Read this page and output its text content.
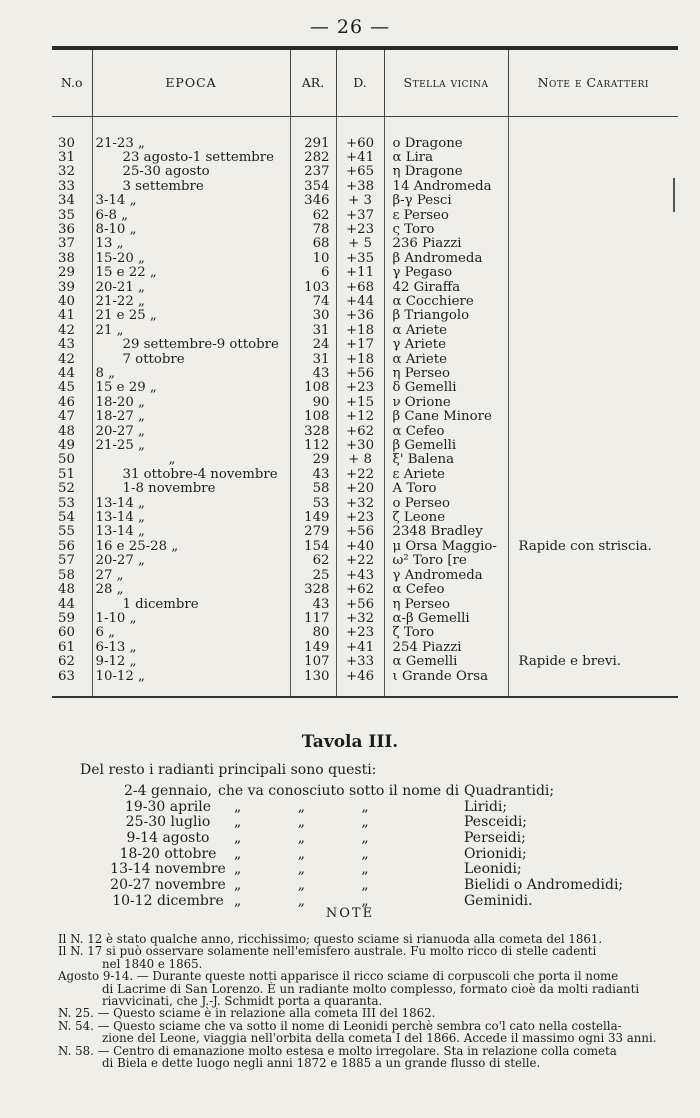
— 26 —
N.o	EPOCA	AR.	D.	Stella vicina	Note e Caratteri

30	21-23 „	291	+60	o Dragone	
31	23 agosto-1 settembre	282	+41	α Lira	
32	25-30 agosto	237	+65	η Dragone	
33	3 settembre	354	+38	14 Andromeda	
34	3-14 „	346	+ 3	β-γ Pesci	
35	6-8 „	62	+37	ε Perseo	
36	8-10 „	78	+23	ς Toro	
37	13 „	68	+ 5	236 Piazzi	
38	15-20 „	10	+35	β Andromeda	
29	15 e 22 „	6	+11	γ Pegaso	
39	20-21 „	103	+68	42 Giraffa	
40	21-22 „	74	+44	α Cocchiere	
41	21 e 25 „	30	+36	β Triangolo	
42	21 „	31	+18	α Ariete	
43	29 settembre-9 ottobre	24	+17	γ Ariete	
42	7 ottobre	31	+18	α Ariete	
44	8 „	43	+56	η Perseo	
45	15 e 29 „	108	+23	δ Gemelli	
46	18-20 „	90	+15	ν Orione	
47	18-27 „	108	+12	β Cane Minore	
48	20-27 „	328	+62	α Cefeo	
49	21-25 „	112	+30	β Gemelli	
50	„	29	+ 8	ξ' Balena	
51	31 ottobre-4 novembre	43	+22	ε Ariete	
52	1-8 novembre	58	+20	A Toro	
53	13-14 „	53	+32	o Perseo	
54	13-14 „	149	+23	ζ Leone	
55	13-14 „	279	+56	2348 Bradley	
56	16 e 25-28 „	154	+40	μ Orsa Maggio-	Rapide con striscia.
57	20-27 „	62	+22	ω² Toro [re	
58	27 „	25	+43	γ Andromeda	
48	28 „	328	+62	α Cefeo	
44	1 dicembre	43	+56	η Perseo	
59	1-10 „	117	+32	α-β Gemelli	
60	6 „	80	+23	ζ Toro	
61	6-13 „	149	+41	254 Piazzi	
62	9-12 „	107	+33	α Gemelli	Rapide e brevi.
63	10-12 „	130	+46	ι Grande Orsa	

Tavola III.
Del resto i radianti principali sono questi:
2-4 gennaio, che va conosciuto sotto il nome di Quadrantidi;
19-30 aprile	„ „ „	Liridi;
25-30 luglio	„ „ „	Pesceidi;
9-14 agosto	„ „ „	Perseidi;
18-20 ottobre	„ „ „	Orionidi;
13-14 novembre „ „ „	Leonidi;
20-27 novembre „ „ „	Bielidi o Andromedidi;
10-12 dicembre „ „ „	Geminidi.
NOTE

Il N. 12 è stato qualche anno, ricchissimo; questo sciame si rianuoda alla cometa del 1861.

Il N. 17 si può osservare solamente nell'emisfero australe. Fu molto ricco di stelle cadenti
nel 1840 e 1865.

Agosto 9-14. — Durante queste notti apparisce il ricco sciame di corpuscoli che porta il nome
di Lacrime di San Lorenzo. È un radiante molto complesso, formato cioè da molti radianti riavvicinati, che J.-J. Schmidt porta a quaranta.

N. 25. — Questo sciame è in relazione alla cometa III del 1862.

N. 54. — Questo sciame che va sotto il nome di Leonidi perchè sembra co'l cato nella costella-
zione del Leone, viaggia nell'orbita della cometa I del 1866. Accede il massimo ogni 33 anni.

N. 58. — Centro di emanazione molto estesa e molto irregolare. Sta in relazione colla cometa
di Biela e dette luogo negli anni 1872 e 1885 a un grande flusso di stelle.
